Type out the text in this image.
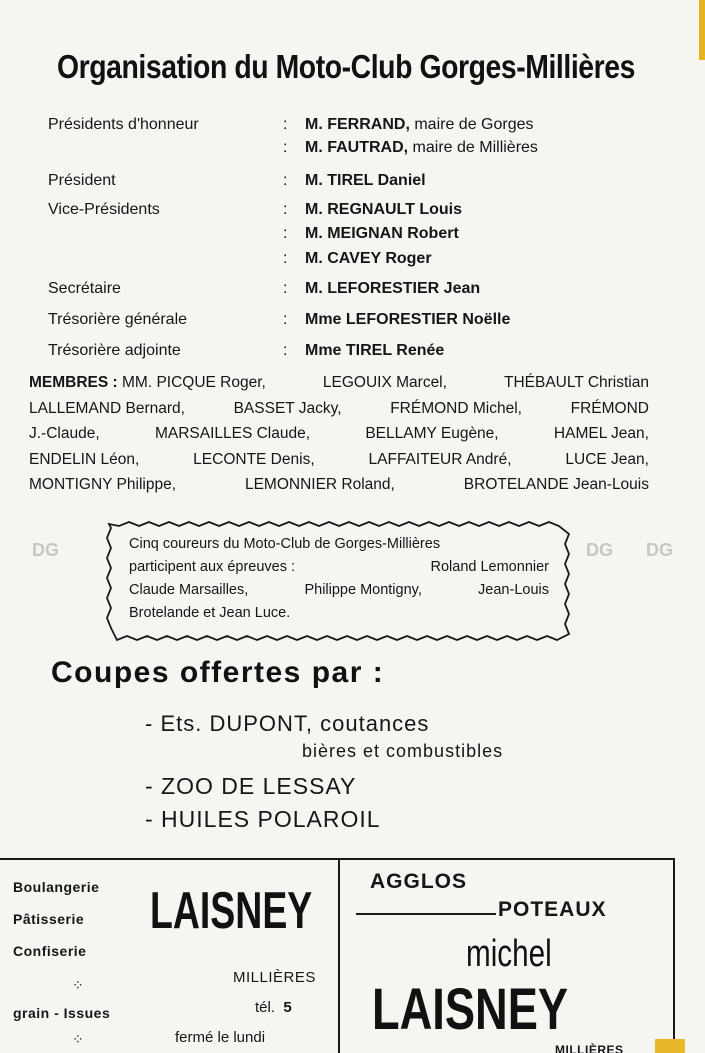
DG	DG DG
Organisation du Moto-Club Gorges-Millières
Présidents d'honneur	: M. FERRAND, maire de Gorges
: M. FAUTRAD, maire de Millières
Président	: M. TIREL Daniel
Vice-Présidents	: M. REGNAULT Louis
: M. MEIGNAN Robert
: M. CAVEY Roger
Secrétaire	: M. LEFORESTIER Jean
Trésorière générale	: Mme LEFORESTIER Noëlle
Trésorière adjointe	: Mme TIREL Renée
MEMBRES : MM. PICQUE Roger,	LEGOUIX Marcel,	THÉBAULT Christian
LALLEMAND Bernard,	BASSET Jacky,	FRÉMOND Michel,	FRÉMOND
J.-Claude,	MARSAILLES Claude,	BELLAMY Eugène,	HAMEL Jean,
ENDELIN Léon,	LECONTE Denis,	LAFFAITEUR André,	LUCE Jean,
MONTIGNY Philippe,	LEMONNIER Roland,	BROTELANDE Jean-Louis
Cinq coureurs du Moto-Club de Gorges-Millières
participent aux épreuves :	Roland Lemonnier
Claude Marsailles,	Philippe Montigny,	Jean-Louis
Brotelande et Jean Luce.
Coupes offertes par :
- Ets. DUPONT, coutances
bières et combustibles
- ZOO DE LESSAY
- HUILES POLAROIL
Boulangerie
Pâtisserie
Confiserie
⁘
grain - Issues
⁘
LAISNEY
MILLIÈRES
tél. 5
fermé le lundi
AGGLOS
POTEAUX
michel
LAISNEY
MILLIÈRES
